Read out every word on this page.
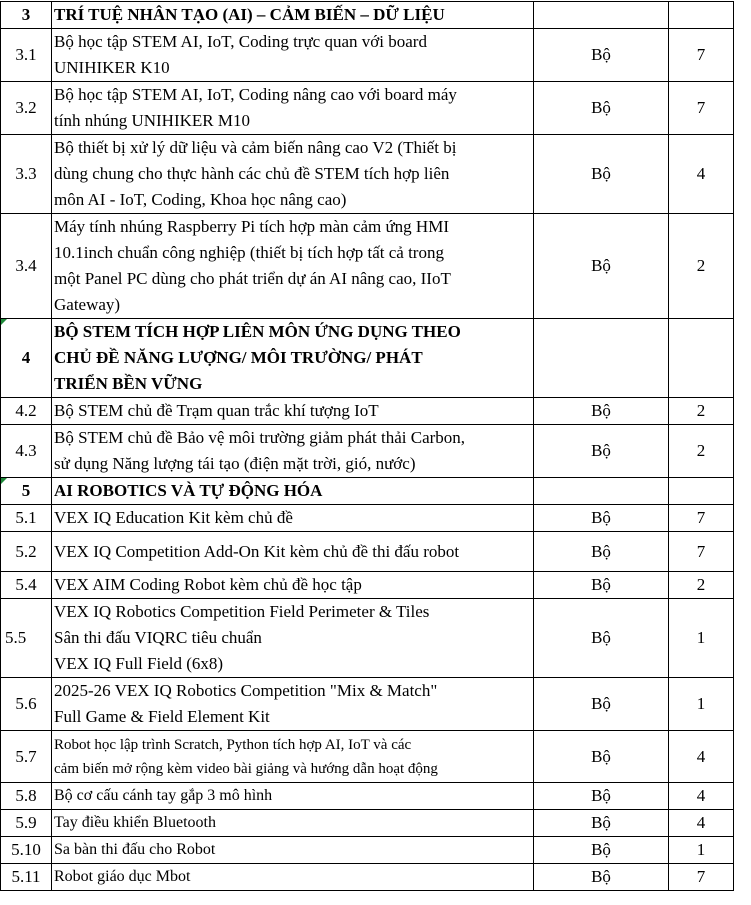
3	TRÍ TUỆ NHÂN TẠO (AI) – CẢM BIẾN – DỮ LIỆU		
3.1	Bộ học tập STEM AI, IoT, Coding trực quan với board
UNIHIKER K10	Bộ	7
3.2	Bộ học tập STEM AI, IoT, Coding nâng cao với board máy
tính nhúng UNIHIKER M10	Bộ	7
3.3	Bộ thiết bị xử lý dữ liệu và cảm biến nâng cao V2 (Thiết bị
dùng chung cho thực hành các chủ đề STEM tích hợp liên
môn AI - IoT, Coding, Khoa học nâng cao)	Bộ	4
3.4	Máy tính nhúng Raspberry Pi tích hợp màn cảm ứng HMI
10.1inch chuẩn công nghiệp (thiết bị tích hợp tất cả trong
một Panel PC dùng cho phát triển dự án AI nâng cao, IIoT
Gateway)	Bộ	2
4	BỘ STEM TÍCH HỢP LIÊN MÔN ỨNG DỤNG THEO
CHỦ ĐỀ NĂNG LƯỢNG/ MÔI TRƯỜNG/ PHÁT
TRIỂN BỀN VỮNG		

4.2	Bộ STEM chủ đề Trạm quan trắc khí tượng IoT	Bộ	2
4.3	Bộ STEM chủ đề Bảo vệ môi trường giảm phát thải Carbon,
sử dụng Năng lượng tái tạo (điện mặt trời, gió, nước)	Bộ	2
5	AI ROBOTICS VÀ TỰ ĐỘNG HÓA		
5.1	VEX IQ Education Kit kèm chủ đề	Bộ	7
5.2	VEX IQ Competition Add-On Kit kèm chủ đề thi đấu robot	Bộ	7
5.4	VEX AIM Coding Robot kèm chủ đề học tập	Bộ	2
5.5	VEX IQ Robotics Competition Field Perimeter & Tiles
Sân thi đấu VIQRC tiêu chuẩn
VEX IQ Full Field (6x8)	Bộ	1
5.6	2025-26 VEX IQ Robotics Competition "Mix & Match"
Full Game & Field Element Kit	Bộ	1
5.7	Robot học lập trình Scratch, Python tích hợp AI, IoT và các
cảm biến mở rộng kèm video bài giảng và hướng dẫn hoạt động	Bộ	4
5.8	Bộ cơ cấu cánh tay gắp 3 mô hình	Bộ	4
5.9	Tay điều khiển Bluetooth	Bộ	4
5.10	Sa bàn thi đấu cho Robot	Bộ	1
5.11	Robot giáo dục Mbot	Bộ	7
